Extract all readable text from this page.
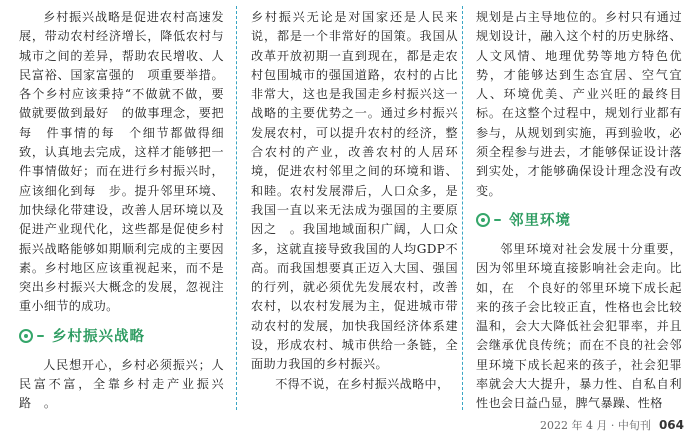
乡村振兴战略是促进农村高速发展，带动农村经济增长，降低农村与城市之间的差异，帮助农民增收、人民富裕、国家富强的　项重要举措。各个乡村应该秉持“不做就不做，要做就要做到最好　的做事理念，要把每　件事情的每　个细节都做得细致，认真地去完成，这样才能够把一件事情做好；而在进行乡村振兴时，应该细化到每　步。提升邻里环境、加快绿化带建设，改善人居环境以及促进产业现代化，这些都是促使乡村振兴战略能够如期顺利完成的主要因素。乡村地区应该重视起来，而不是突出乡村振兴大概念的发展，忽视注重小细节的成功。

乡村振兴战略

人民想开心，乡村必须振兴；人民富不富，全靠乡村走产业振兴路　。

乡村振兴无论是对国家还是人民来说，都是一个非常好的国策。我国从改革开放初期一直到现在，都是走农村包围城市的强国道路，农村的占比非常大，这也是我国走乡村振兴这一战略的主要优势之一。通过乡村振兴发展农村，可以提升农村的经济，整合农村的产业，改善农村的人居环境，促进农村邻里之间的环境和谐、和睦。农村发展滞后，人口众多，是我国一直以来无法成为强国的主要原因之　。我国地域面积广阔，人口众多，这就直接导致我国的人均GDP不高。而我国想要真正迈入大国、强国的行列，就必须优先发展农村，改善农村，以农村发展为主，促进城市带动农村的发展，加快我国经济体系建设，形成农村、城市供给一条链，全面助力我国的乡村振兴。

不得不说，在乡村振兴战略中，

规划是占主导地位的。乡村只有通过规划设计，融入这个村的历史脉络、人文风情、地理优势等地方特色优势，才能够达到生态宜居、空气宜人、环境优美、产业兴旺的最终目标。在这整个过程中，规划行业都有参与，从规划到实施，再到验收，必须全程参与进去，才能够保证设计落到实处，才能够确保设计理念没有改变。

邻里环境

邻里环境对社会发展十分重要，因为邻里环境直接影响社会走向。比如，在　个良好的邻里环境下成长起来的孩子会比较正直，性格也会比较温和，会大大降低社会犯罪率，并且会继承优良传统；而在不良的社会邻里环境下成长起来的孩子，社会犯罪率就会大大提升，暴力性、自私自利性也会日益凸显，脾气暴躁、性格

2022 年 4 月 · 中旬刊 064
